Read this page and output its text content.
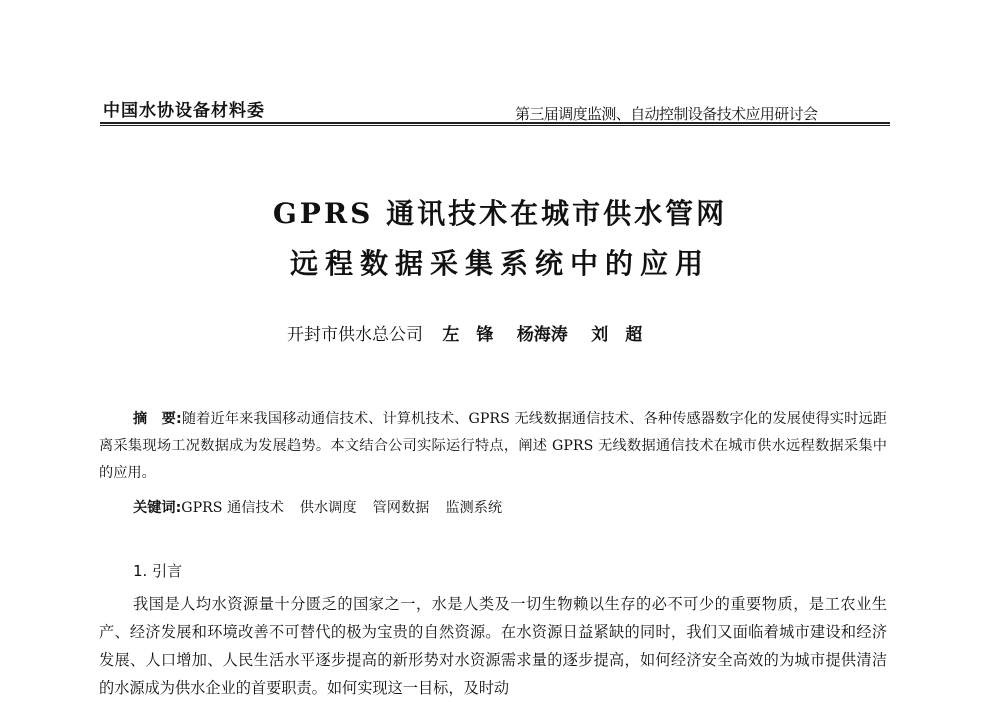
中国水协设备材料委	第三届调度监测、自动控制设备技术应用研讨会
GPRS 通讯技术在城市供水管网
远程数据采集系统中的应用
开封市供水总公司 左　锋 杨海涛 刘　超
摘　要:随着近年来我国移动通信技术、计算机技术、GPRS 无线数据通信技术、各种传感器数字化的发展使得实时远距离采集现场工况数据成为发展趋势。本文结合公司实际运行特点，阐述 GPRS 无线数据通信技术在城市供水远程数据采集中的应用。
关键词:GPRS 通信技术 供水调度 管网数据 监测系统
1. 引言
我国是人均水资源量十分匮乏的国家之一，水是人类及一切生物赖以生存的必不可少的重要物质，是工农业生产、经济发展和环境改善不可替代的极为宝贵的自然资源。在水资源日益紧缺的同时，我们又面临着城市建设和经济发展、人口增加、人民生活水平逐步提高的新形势对水资源需求量的逐步提高，如何经济安全高效的为城市提供清洁的水源成为供水企业的首要职责。如何实现这一目标，及时动
